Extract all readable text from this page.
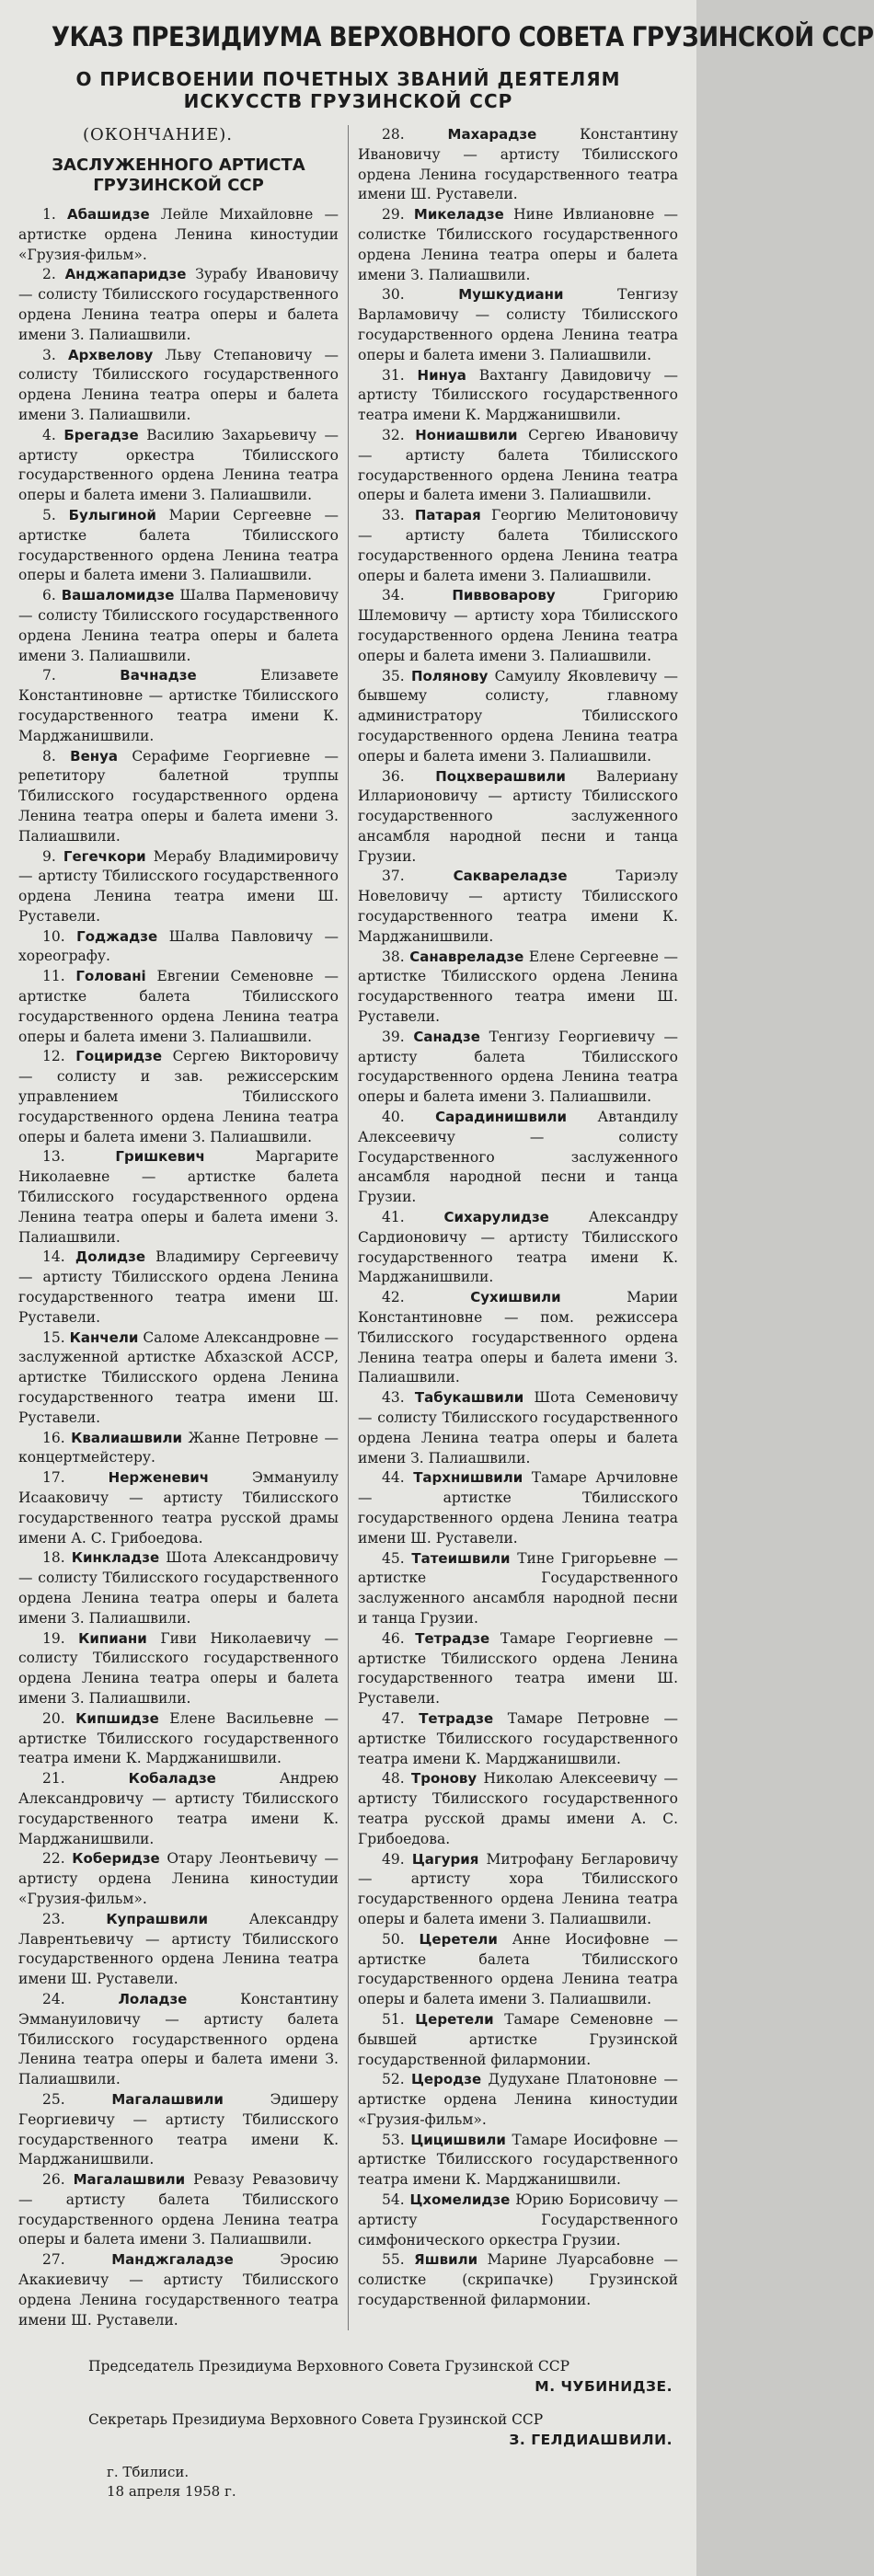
УКАЗ ПРЕЗИДИУМА ВЕРХОВНОГО СОВЕТА ГРУЗИНСКОЙ ССР
О ПРИСВОЕНИИ ПОЧЕТНЫХ ЗВАНИЙ ДЕЯТЕЛЯМ
ИСКУССТВ ГРУЗИНСКОЙ ССР
(ОКОНЧАНИЕ).
ЗАСЛУЖЕННОГО АРТИСТА
ГРУЗИНСКОЙ ССР
1. Абашидзе Лейле Михайловне — артистке ордена Ленина киностудии «Грузия-фильм».
2. Анджапаридзе Зурабу Ивановичу — солисту Тбилисского государственного ордена Ленина театра оперы и балета имени З. Палиашвили.
3. Архвеловy Льву Степановичу — солисту Тбилисского государственного ордена Ленина театра оперы и балета имени З. Палиашвили.
4. Брегадзе Василию Захарьевичу — артисту оркестра Тбилисского государственного ордена Ленина театра оперы и балета имени З. Палиашвили.
5. Булыгиной Марии Сергеевне — артистке балета Тбилисского государственного ордена Ленина театра оперы и балета имени З. Палиашвили.
6. Вашаломидзе Шалва Парменовичу — солисту Тбилисского государственного ордена Ленина театра оперы и балета имени З. Палиашвили.
7.	Вачнадзе	Елизавете Константиновне — артистке Тбилисского государственного театра имени К. Марджанишвили.
8. Венуа Серафиме Георгиевне — репетитору балетной труппы Тбилисского государственного ордена Ленина театра оперы и балета имени З. Палиашвили.
9. Гегечкори Мерабу Владимировичу — артисту Тбилисского государственного ордена Ленина театра имени Ш. Руставели.
10. Годжадзе Шалва Павловичу — хореографу.
11. Голованi Евгении Семеновне — артистке балета Тбилисского государственного ордена Ленина театра оперы и балета имени З. Палиашвили.
12. Гоциридзе Сергею Викторовичу — солисту и зав. режиссерским управлением Тбилисского государственного ордена Ленина театра оперы и балета имени З. Палиашвили.
13.	Гришкевич	Маргарите Николаевне — артистке балета Тбилисского государственного ордена Ленина театра оперы и балета имени З. Палиашвили.
14. Долидзе Владимиру Сергеевичу — артисту Тбилисского ордена Ленина государственного театра имени Ш. Руставели.
15. Канчели Саломе Александровне — заслуженной артистке Абхазской АССР, артистке Тбилисского ордена Ленина государственного театра имени Ш. Руставели.
16. Квалиашвили Жанне Петровне — концертмейстеру.
17.	Нерженевич	Эммануилу Исааковичу — артисту Тбилисского государственного театра русской драмы имени А. С. Грибоедова.
18. Кинкладзе Шота Александровичу — солисту Тбилисского государственного ордена Ленина театра оперы и балета имени З. Палиашвили.
19. Кипиани Гиви Николаевичу — солисту Тбилисского государственного ордена Ленина театра оперы и балета имени З. Палиашвили.
20. Кипшидзе Елене Васильевне — артистке Тбилисского государственного театра имени К. Марджанишвили.
21.	Кобаладзе	Андрею Александровичу — артисту Тбилисского государственного театра имени К. Марджанишвили.
22. Коберидзе Отару Леонтьевичу — артисту ордена Ленина киностудии «Грузия-фильм».
23.	Купрашвили	Александру Лаврентьевичу — артисту Тбилисского государственного ордена Ленина театра имени Ш. Руставели.
24.	Лоладзе	Константину Эммануиловичу — артисту балета Тбилисского государственного ордена Ленина театра оперы и балета имени З. Палиашвили.
25.	Магалашвили	Эдишеру Георгиевичу — артисту Тбилисского государственного театра имени К. Марджанишвили.
26. Магалашвили Ревазу Ревазовичу — артисту балета Тбилисского государственного ордена Ленина театра оперы и балета имени З. Палиашвили.
27.	Манджгаладзе	Эросию Акакиевичу — артисту Тбилисского ордена Ленина государственного театра имени Ш. Руставели.
28.	Махарадзе	Константину Ивановичу — артисту Тбилисского ордена Ленина государственного театра имени Ш. Руставели.
29. Микеладзе Нине Ивлиановне — солистке Тбилисского государственного ордена Ленина театра оперы и балета имени З. Палиашвили.
30.	Мушкудиани	Тенгизу Варламовичу — солисту Тбилисского государственного ордена Ленина театра оперы и балета имени З. Палиашвили.
31. Нинуа Вахтангу Давидовичу — артисту Тбилисского государственного театра имени К. Марджанишвили.
32. Нониашвили Сергею Ивановичу — артисту балета Тбилисского государственного ордена Ленина театра оперы и балета имени З. Палиашвили.
33. Патарая Георгию Мелитоновичу — артисту балета Тбилисского государственного ордена Ленина театра оперы и балета имени З. Палиашвили.
34.	Пиввоварову	Григорию Шлемовичу — артисту хора Тбилисского государственного ордена Ленина театра оперы и балета имени З. Палиашвили.
35. Полянову Самуилу Яковлевичу — бывшему солисту, главному администратору Тбилисского государственного ордена Ленина театра оперы и балета имени З. Палиашвили.
36. Поцхверашвили Валериану Илларионовичу — артисту Тбилисского государственного заслуженного ансамбля народной песни и танца Грузии.
37.	Саквареладзе	Тариэлу Новеловичу — артисту Тбилисского государственного театра имени К. Марджанишвили.
38. Санавреладзе Елене Сергеевне — артистке Тбилисского ордена Ленина государственного театра имени Ш. Руставели.
39. Санадзе Тенгизу Георгиевичу — артисту балета Тбилисского государственного ордена Ленина театра оперы и балета имени З. Палиашвили.
40. Сарадинишвили Автандилу Алексеевичу — солисту Государственного заслуженного ансамбля народной песни и танца Грузии.
41.	Сихарулидзе	Александру Сардионовичу — артисту Тбилисского государственного театра имени К. Марджанишвили.
42.	Сухишвили	Марии Константиновне — пом. режиссера Тбилисского государственного ордена Ленина театра оперы и балета имени З. Палиашвили.
43. Табукашвили Шота Семеновичу — солисту Тбилисского государственного ордена Ленина театра оперы и балета имени З. Палиашвили.
44. Тархнишвили Тамаре Арчиловне — артистке Тбилисского государственного ордена Ленина театра имени Ш. Руставели.
45. Татеишвили Тине Григорьевне — артистке Государственного заслуженного ансамбля народной песни и танца Грузии.
46. Тетрадзе Тамаре Георгиевне — артистке Тбилисского ордена Ленина государственного театра имени Ш. Руставели.
47. Тетрадзе Тамаре Петровне — артистке Тбилисского государственного театра имени К. Марджанишвили.
48. Тронову Николаю Алексеевичу — артисту Тбилисского государственного театра русской драмы имени А. С. Грибоедова.
49. Цагурия Митрофану Бегларовичу — артисту хора Тбилисского государственного ордена Ленина театра оперы и балета имени З. Палиашвили.
50. Церетели Анне Иосифовне — артистке балета Тбилисского государственного ордена Ленина театра оперы и балета имени З. Палиашвили.
51. Церетели Тамаре Семеновне — бывшей артистке Грузинской государственной филармонии.
52. Церодзе Дудухане Платоновне — артистке ордена Ленина киностудии «Грузия-фильм».
53. Цицишвили Тамаре Иосифовне — артистке Тбилисского государственного театра имени К. Марджанишвили.
54. Цхомелидзе Юрию Борисовичу — артисту Государственного симфонического оркестра Грузии.
55. Яшвили Марине Луарсабовне — солистке (скрипачке) Грузинской государственной филармонии.
Председатель Президиума Верховного Совета Грузинской ССР
М. ЧУБИНИДЗЕ.
Секретарь Президиума Верховного Совета Грузинской ССР
З. ГЕЛДИАШВИЛИ.
г. Тбилиси.
18 апреля 1958 г.
